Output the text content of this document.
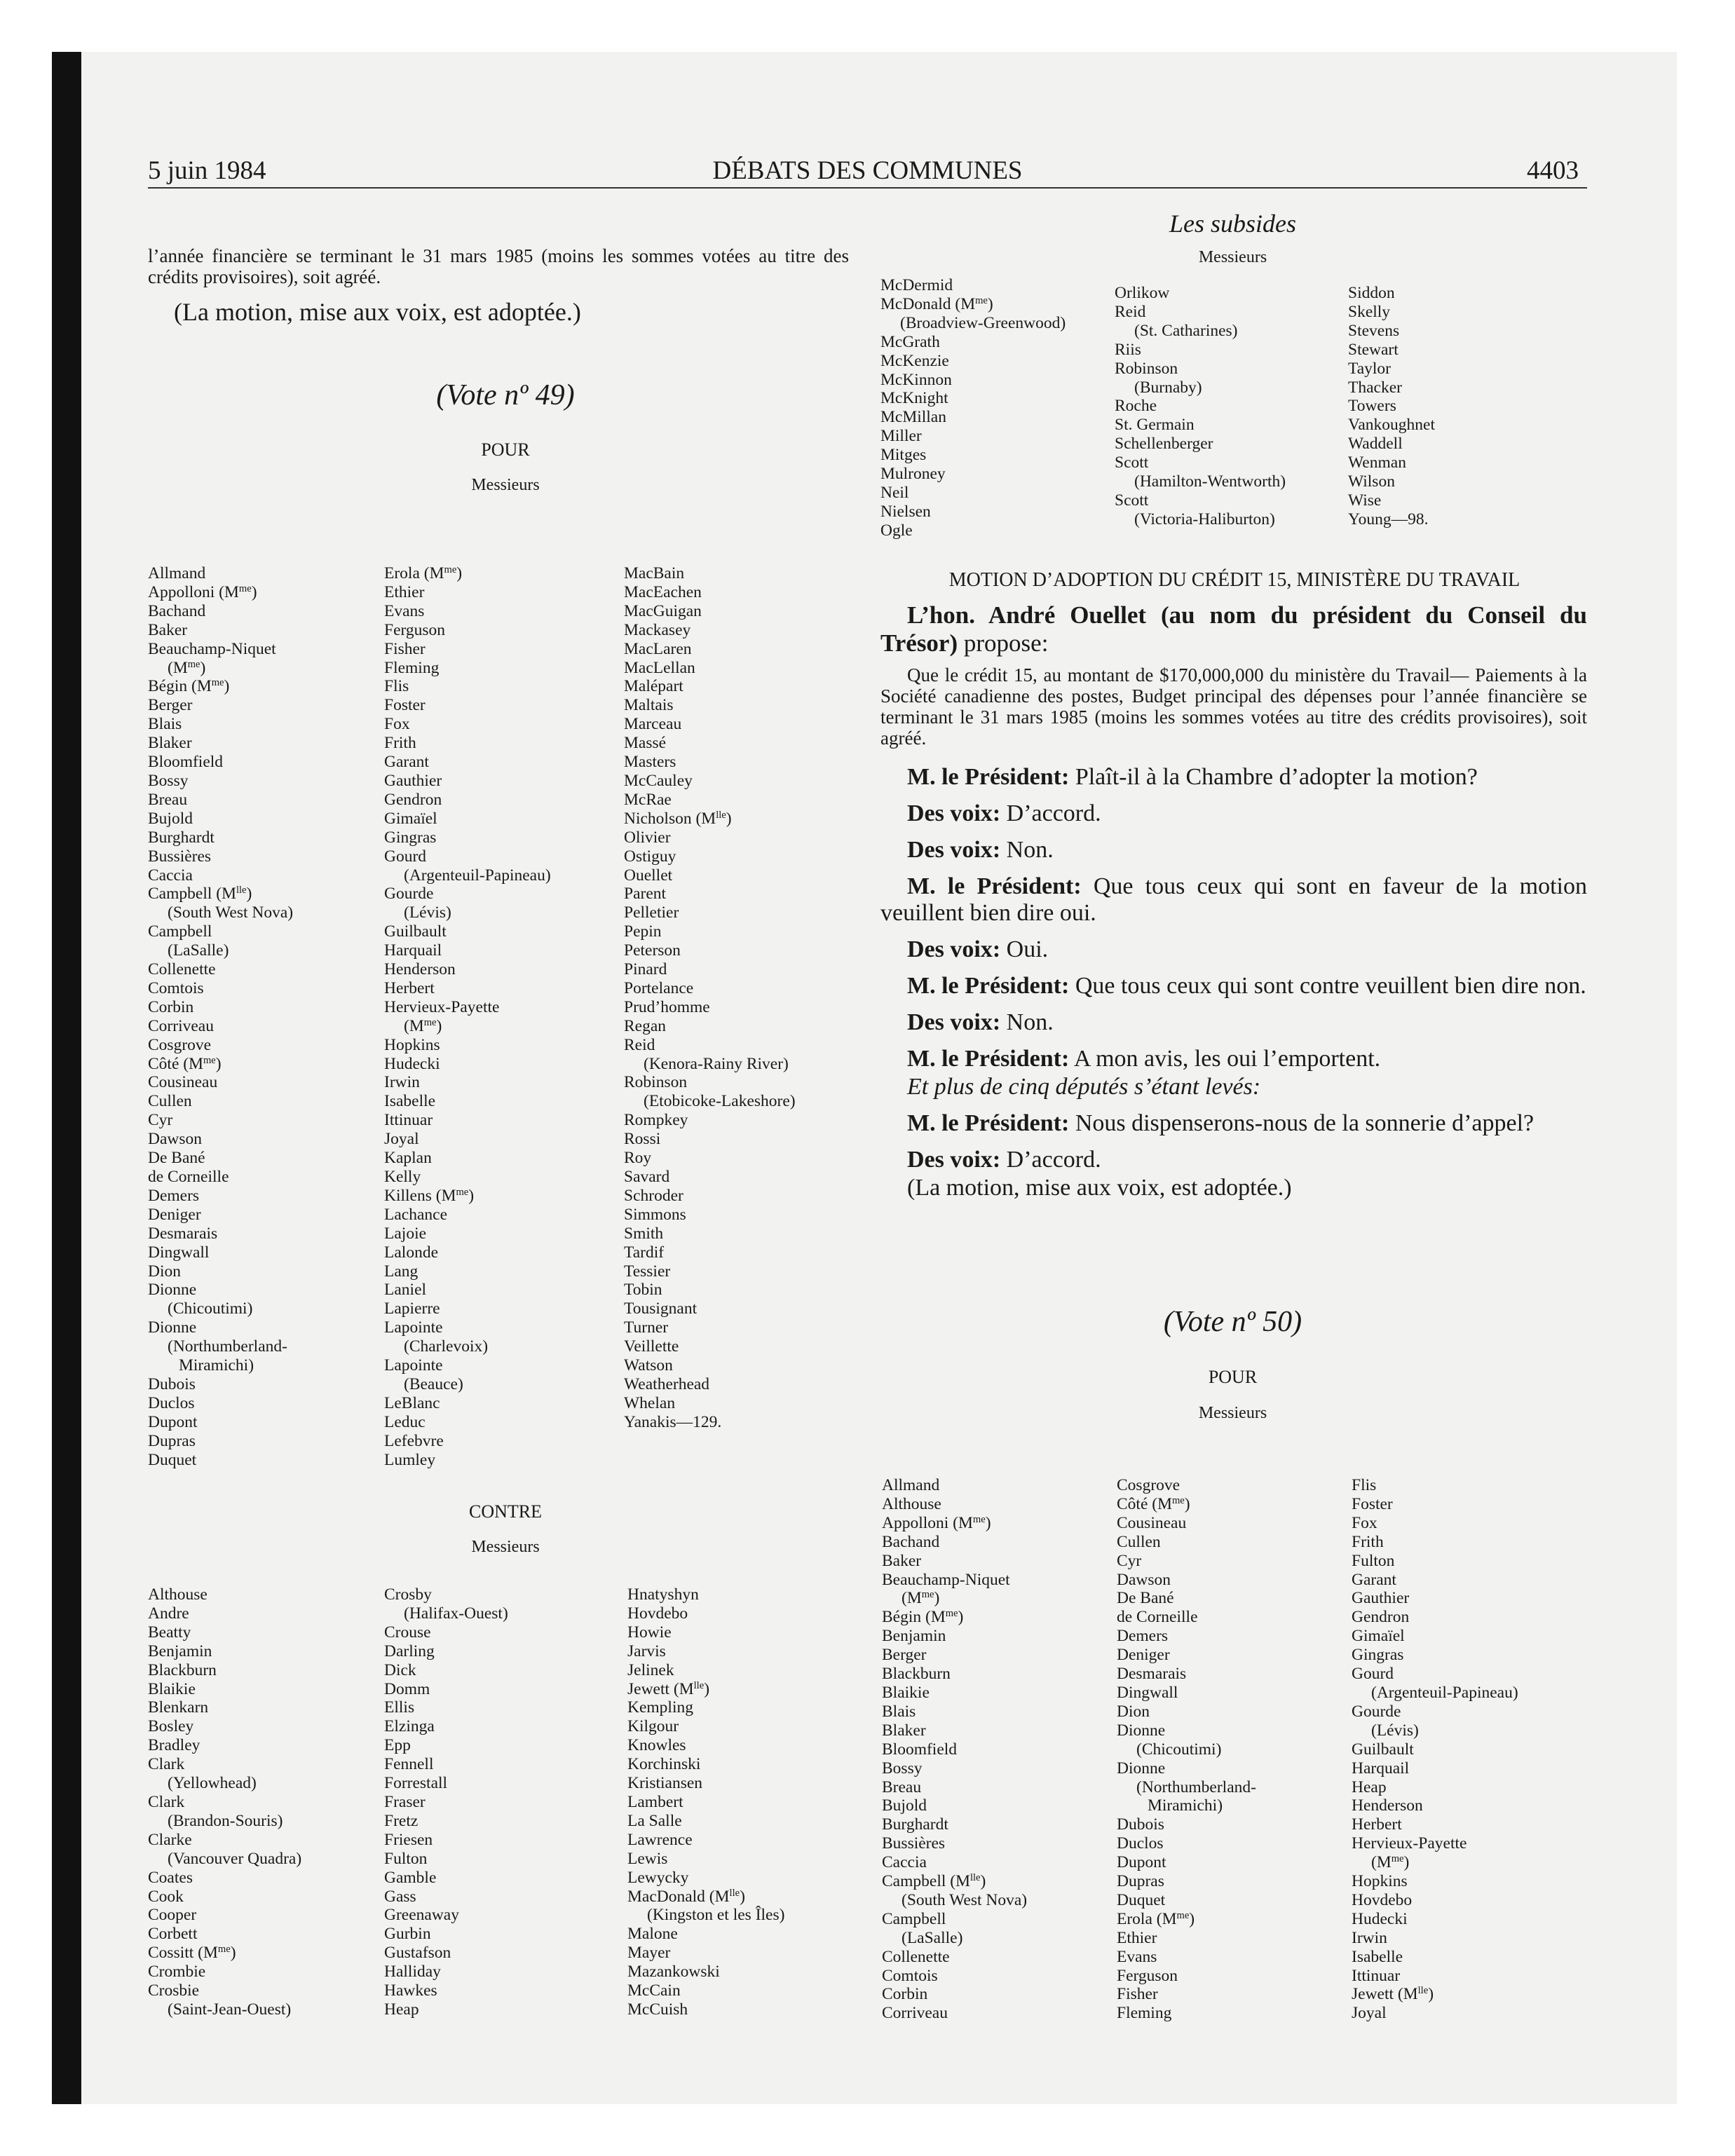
5 juin 1984	DÉBATS DES COMMUNES	4403
l’année financière se terminant le 31 mars 1985 (moins les sommes votées au titre des crédits provisoires), soit agréé.
(La motion, mise aux voix, est adoptée.)
(Vote nº 49)
POUR
Messieurs
Allmand
Appolloni $(M^{me})$
Bachand
Baker
Beauchamp-Niquet
$(M^{me})$
Bégin $(M^{me})$
Berger
Blais
Blaker
Bloomfield
Bossy
Breau
Bujold
Burghardt
Bussières
Caccia
Campbell $(M^{lle})$
(South West Nova)
Campbell
(LaSalle)
Collenette
Comtois
Corbin
Corriveau
Cosgrove
Côté $(M^{me})$
Cousineau
Cullen
Cyr
Dawson
De Bané
de Corneille
Demers
Deniger
Desmarais
Dingwall
Dion
Dionne
(Chicoutimi)
Dionne
(Northumberland-
Miramichi)
Dubois
Duclos
Dupont
Dupras
Duquet
Erola $(M^{me})$
Ethier
Evans
Ferguson
Fisher
Fleming
Flis
Foster
Fox
Frith
Garant
Gauthier
Gendron
Gimaïel
Gingras
Gourd
(Argenteuil-Papineau)
Gourde
(Lévis)
Guilbault
Harquail
Henderson
Herbert
Hervieux-Payette
$(M^{me})$
Hopkins
Hudecki
Irwin
Isabelle
Ittinuar
Joyal
Kaplan
Kelly
Killens $(M^{me})$
Lachance
Lajoie
Lalonde
Lang
Laniel
Lapierre
Lapointe
(Charlevoix)
Lapointe
(Beauce)
LeBlanc
Leduc
Lefebvre
Lumley
MacBain
MacEachen
MacGuigan
Mackasey
MacLaren
MacLellan
Malépart
Maltais
Marceau
Massé
Masters
McCauley
McRae
Nicholson $(M^{lle})$
Olivier
Ostiguy
Ouellet
Parent
Pelletier
Pepin
Peterson
Pinard
Portelance
Prud’homme
Regan
Reid
(Kenora-Rainy River)
Robinson
(Etobicoke-Lakeshore)
Rompkey
Rossi
Roy
Savard
Schroder
Simmons
Smith
Tardif
Tessier
Tobin
Tousignant
Turner
Veillette
Watson
Weatherhead
Whelan
Yanakis—129.
CONTRE
Messieurs
Althouse
Andre
Beatty
Benjamin
Blackburn
Blaikie
Blenkarn
Bosley
Bradley
Clark
(Yellowhead)
Clark
(Brandon-Souris)
Clarke
(Vancouver Quadra)
Coates
Cook
Cooper
Corbett
Cossitt $(M^{me})$
Crombie
Crosbie
(Saint-Jean-Ouest)
Crosby
(Halifax-Ouest)
Crouse
Darling
Dick
Domm
Ellis
Elzinga
Epp
Fennell
Forrestall
Fraser
Fretz
Friesen
Fulton
Gamble
Gass
Greenaway
Gurbin
Gustafson
Halliday
Hawkes
Heap
Hnatyshyn
Hovdebo
Howie
Jarvis
Jelinek
Jewett $(M^{lle})$
Kempling
Kilgour
Knowles
Korchinski
Kristiansen
Lambert
La Salle
Lawrence
Lewis
Lewycky
MacDonald $(M^{lle})$
(Kingston et les Îles)
Malone
Mayer
Mazankowski
McCain
McCuish
Les subsides
Messieurs
McDermid
McDonald $(M^{me})$
(Broadview-Greenwood)
McGrath
McKenzie
McKinnon
McKnight
McMillan
Miller
Mitges
Mulroney
Neil
Nielsen
Ogle
Orlikow
Reid
(St. Catharines)
Riis
Robinson
(Burnaby)
Roche
St. Germain
Schellenberger
Scott
(Hamilton-Wentworth)
Scott
(Victoria-Haliburton)
Siddon
Skelly
Stevens
Stewart
Taylor
Thacker
Towers
Vankoughnet
Waddell
Wenman
Wilson
Wise
Young—98.
MOTION D’ADOPTION DU CRÉDIT 15, MINISTÈRE DU TRAVAIL
L’hon. André Ouellet (au nom du président du Conseil du Trésor) propose:
Que le crédit 15, au montant de $170,000,000 du ministère du Travail— Paiements à la Société canadienne des postes, Budget principal des dépenses pour l’année financière se terminant le 31 mars 1985 (moins les sommes votées au titre des crédits provisoires), soit agréé.
M. le Président: Plaît-il à la Chambre d’adopter la motion?
Des voix: D’accord.
Des voix: Non.
M. le Président: Que tous ceux qui sont en faveur de la motion veuillent bien dire oui.
Des voix: Oui.
M. le Président: Que tous ceux qui sont contre veuillent bien dire non.
Des voix: Non.
M. le Président: A mon avis, les oui l’emportent.
Et plus de cinq députés s’étant levés:
M. le Président: Nous dispenserons-nous de la sonnerie d’appel?
Des voix: D’accord.
(La motion, mise aux voix, est adoptée.)
(Vote nº 50)
POUR
Messieurs
Allmand
Althouse
Appolloni $(M^{me})$
Bachand
Baker
Beauchamp-Niquet
$(M^{me})$
Bégin $(M^{me})$
Benjamin
Berger
Blackburn
Blaikie
Blais
Blaker
Bloomfield
Bossy
Breau
Bujold
Burghardt
Bussières
Caccia
Campbell $(M^{lle})$
(South West Nova)
Campbell
(LaSalle)
Collenette
Comtois
Corbin
Corriveau
Cosgrove
Côté $(M^{me})$
Cousineau
Cullen
Cyr
Dawson
De Bané
de Corneille
Demers
Deniger
Desmarais
Dingwall
Dion
Dionne
(Chicoutimi)
Dionne
(Northumberland-
Miramichi)
Dubois
Duclos
Dupont
Dupras
Duquet
Erola $(M^{me})$
Ethier
Evans
Ferguson
Fisher
Fleming
Flis
Foster
Fox
Frith
Fulton
Garant
Gauthier
Gendron
Gimaïel
Gingras
Gourd
(Argenteuil-Papineau)
Gourde
(Lévis)
Guilbault
Harquail
Heap
Henderson
Herbert
Hervieux-Payette
$(M^{me})$
Hopkins
Hovdebo
Hudecki
Irwin
Isabelle
Ittinuar
Jewett $(M^{lle})$
Joyal
